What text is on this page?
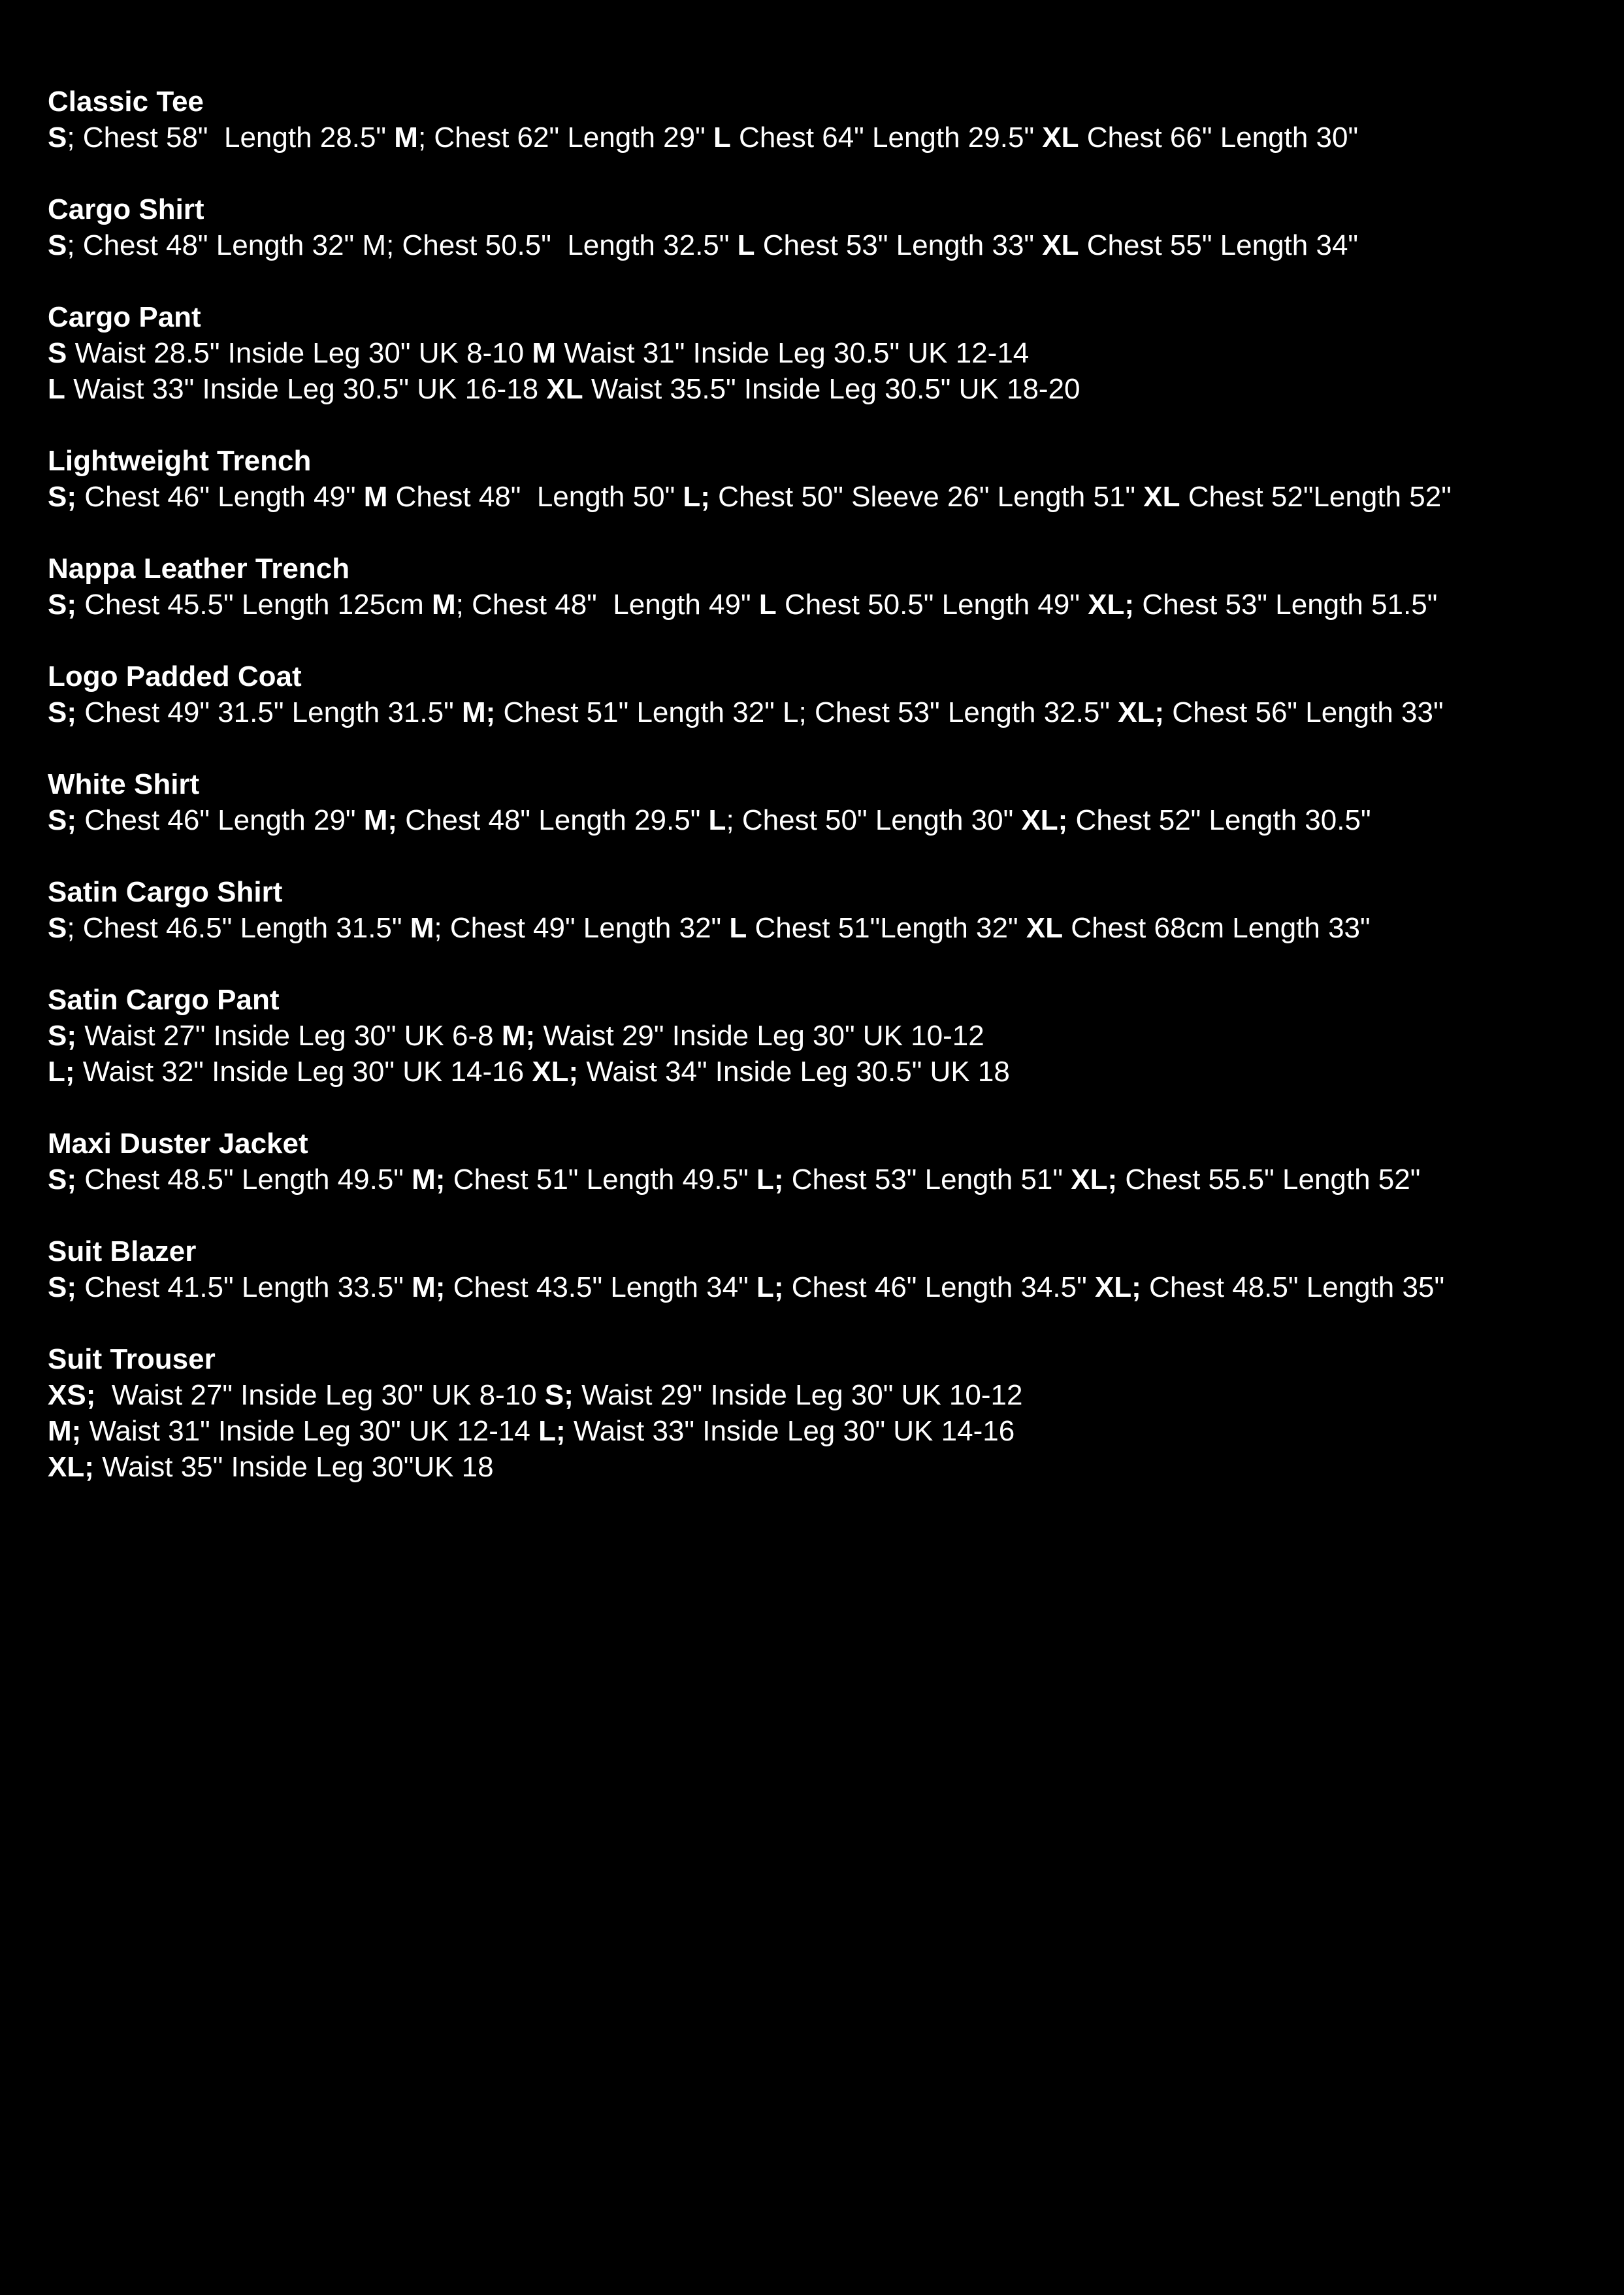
Classic Tee
S; Chest 58"  Length 28.5" M; Chest 62" Length 29" L Chest 64" Length 29.5" XL Chest 66" Length 30"
Cargo Shirt
S; Chest 48" Length 32" M; Chest 50.5"  Length 32.5" L Chest 53" Length 33" XL Chest 55" Length 34"
Cargo Pant
S Waist 28.5" Inside Leg 30" UK 8-10 M Waist 31" Inside Leg 30.5" UK 12-14
L Waist 33" Inside Leg 30.5" UK 16-18 XL Waist 35.5" Inside Leg 30.5" UK 18-20
Lightweight Trench
S; Chest 46" Length 49" M Chest 48"  Length 50" L; Chest 50" Sleeve 26" Length 51" XL Chest 52"Length 52"
Nappa Leather Trench
S; Chest 45.5" Length 125cm M; Chest 48"  Length 49" L Chest 50.5" Length 49" XL; Chest 53" Length 51.5"
Logo Padded Coat
S; Chest 49" 31.5" Length 31.5" M; Chest 51" Length 32" L; Chest 53" Length 32.5" XL; Chest 56" Length 33"
White Shirt
S; Chest 46" Length 29" M; Chest 48" Length 29.5" L; Chest 50" Length 30" XL; Chest 52" Length 30.5"
Satin Cargo Shirt
S; Chest 46.5" Length 31.5" M; Chest 49" Length 32" L Chest 51"Length 32" XL Chest 68cm Length 33"
Satin Cargo Pant
S; Waist 27" Inside Leg 30" UK 6-8 M; Waist 29" Inside Leg 30" UK 10-12
L; Waist 32" Inside Leg 30" UK 14-16 XL; Waist 34" Inside Leg 30.5" UK 18
Maxi Duster Jacket
S; Chest 48.5" Length 49.5" M; Chest 51" Length 49.5" L; Chest 53" Length 51" XL; Chest 55.5" Length 52"
Suit Blazer
S; Chest 41.5" Length 33.5" M; Chest 43.5" Length 34" L; Chest 46" Length 34.5" XL; Chest 48.5" Length 35"
Suit Trouser
XS;  Waist 27" Inside Leg 30" UK 8-10 S; Waist 29" Inside Leg 30" UK 10-12
M; Waist 31" Inside Leg 30" UK 12-14 L; Waist 33" Inside Leg 30" UK 14-16
XL; Waist 35" Inside Leg 30"UK 18
